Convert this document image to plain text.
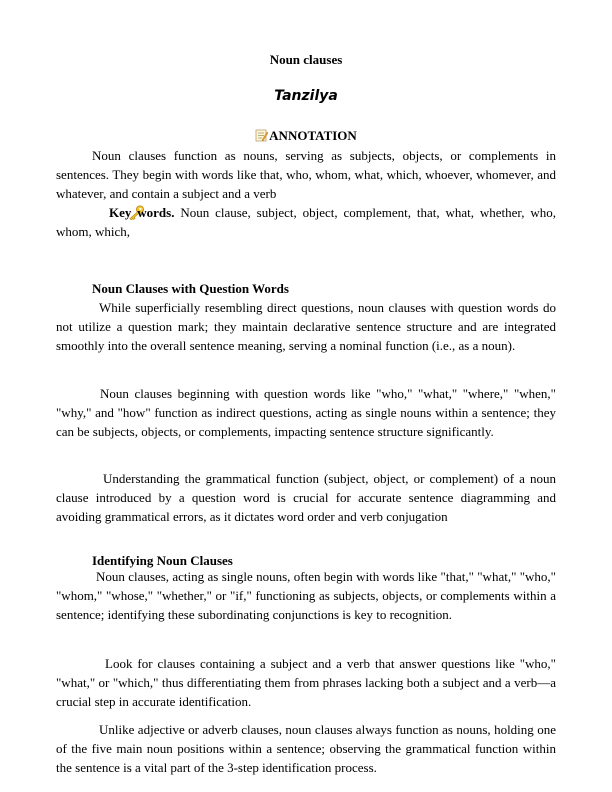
Noun clauses
Tanzilya
ANNOTATION
Noun clauses function as nouns, serving as subjects, objects, or complements in sentences. They begin with words like that, who, whom, what, which, whoever, whomever, and whatever, and contain a subject and a verb
Key words. Noun clause, subject, object, complement, that, what, whether, who, whom, which,
Noun Clauses with Question Words
While superficially resembling direct questions, noun clauses with question words do not utilize a question mark; they maintain declarative sentence structure and are integrated smoothly into the overall sentence meaning, serving a nominal function (i.e., as a noun).
Noun clauses beginning with question words like "who," "what," "where," "when," "why," and "how" function as indirect questions, acting as single nouns within a sentence; they can be subjects, objects, or complements, impacting sentence structure significantly.
Understanding the grammatical function (subject, object, or complement) of a noun clause introduced by a question word is crucial for accurate sentence diagramming and avoiding grammatical errors, as it dictates word order and verb conjugation
Identifying Noun Clauses
Noun clauses, acting as single nouns, often begin with words like "that," "what," "who," "whom," "whose," "whether," or "if," functioning as subjects, objects, or complements within a sentence; identifying these subordinating conjunctions is key to recognition.
Look for clauses containing a subject and a verb that answer questions like "who," "what," or "which," thus differentiating them from phrases lacking both a subject and a verb—a crucial step in accurate identification.
Unlike adjective or adverb clauses, noun clauses always function as nouns, holding one of the five main noun positions within a sentence; observing the grammatical function within the sentence is a vital part of the 3-step identification process.
